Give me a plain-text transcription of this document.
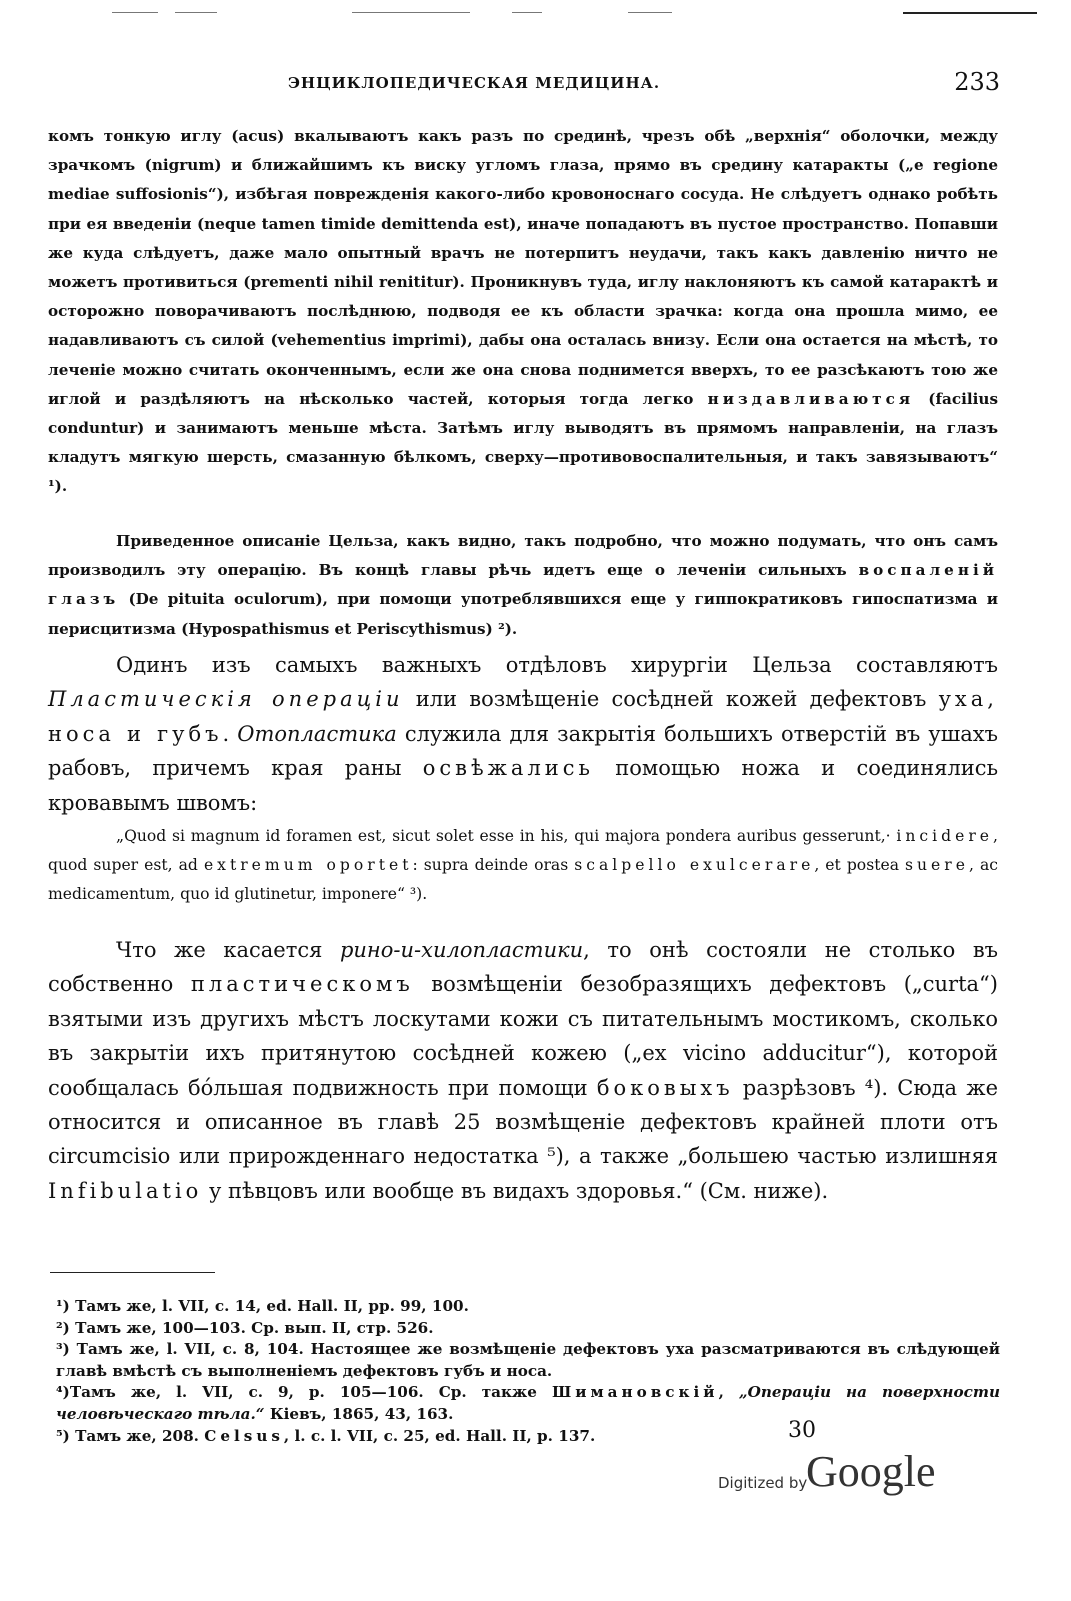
ЭНЦИКЛОПЕДИЧЕСКАЯ МЕДИЦИНА.	233

комъ тонкую иглу (acus) вкалываютъ какъ разъ по срединѣ, чрезъ обѣ „верхнія“ оболочки, между зрачкомъ (nigrum) и ближайшимъ къ виску угломъ глаза, прямо въ средину катаракты („e regione mediae suffosionis“), избѣгая поврежденія какого-либо кровоноснаго сосуда. Не слѣдуетъ однако робѣть при ея введеніи (neque tamen timide demittenda est), иначе попадаютъ въ пустое пространство. Попавши же куда слѣдуетъ, даже мало опытный врачъ не потерпитъ неудачи, такъ какъ давленію ничто не можетъ противиться (prementi nihil renititur). Проникнувъ туда, иглу наклоняютъ къ самой катарактѣ и осторожно поворачиваютъ послѣднюю, подводя ее къ области зрачка: когда она прошла мимо, ее надавливаютъ съ силой (vehementius imprimi), дабы она осталась внизу. Если она остается на мѣстѣ, то леченіе можно считать оконченнымъ, если же она снова поднимется вверхъ, то ее разсѣкаютъ тою же иглой и раздѣляютъ на нѣсколько частей, которыя тогда легко низдавливаются (facilius conduntur) и занимаютъ меньше мѣста. Затѣмъ иглу выводятъ въ прямомъ направленіи, на глазъ кладутъ мягкую шерсть, смазанную бѣлкомъ, сверху—противовоспалительныя, и такъ завязываютъ“ ¹).

Приведенное описаніе Цельза, какъ видно, такъ подробно, что можно подумать, что онъ самъ производилъ эту операцію. Въ концѣ главы рѣчь идетъ еще о леченіи сильныхъ воспаленій глазъ (De pituita oculorum), при помощи употреблявшихся еще у гиппократиковъ гипоспатизма и перисцитизма (Hyposрathismus et Periscythismus) ²).

Одинъ изъ самыхъ важныхъ отдѣловъ хирургіи Цельза составляютъ Пластическія операціи или возмѣщеніе сосѣдней кожей дефектовъ уха, носа и губъ. Отопластика служила для закрытія большихъ отверстій въ ушахъ рабовъ, причемъ края раны освѣжались помощью ножа и соединялись кровавымъ швомъ:

„Quod si magnum id foramen est, sicut solet esse in his, qui majora pondera auribus gesserunt,· incidere, quod super est, ad extremum oportet: supra deinde oras scalpello exulcerare, et postea suere, ac medicamentum, quo id glutinetur, imponere“ ³).

Что же касается рино-и-хилопластики, то онѣ состояли не столько въ собственно пластическомъ возмѣщеніи безобразящихъ дефектовъ („curta“) взятыми изъ другихъ мѣстъ лоскутами кожи съ питательнымъ мостикомъ, сколько въ закрытіи ихъ притянутою сосѣдней кожею („ex vicino adducitur“), которой сообщалась бо́льшая подвижность при помощи боковыхъ разрѣзовъ ⁴). Сюда же относится и описанное въ главѣ 25 возмѣщеніе дефектовъ крайней плоти отъ circumcisio или прирожденнаго недостатка ⁵), а также „большею частью излишняя Infibulatio у пѣвцовъ или вообще въ видахъ здоровья.“ (См. ниже).

¹) Тамъ же, l. VII, c. 14, ed. Hall. II, pp. 99, 100.

²) Тамъ же, 100—103. Ср. вып. II, стр. 526.

³) Тамъ же, l. VII, c. 8, 104. Настоящее же возмѣщеніе дефектовъ уха разсматриваются въ слѣдующей главѣ вмѣстѣ съ выполненіемъ дефектовъ губъ и носа.

⁴)Тамъ же, l. VII, c. 9, p. 105—106. Ср. также Шимановскій, „Операціи на поверхности человѣческаго тѣла.“ Кіевъ, 1865, 43, 163.

⁵) Тамъ же, 208. Celsus, l. c. l. VII, c. 25, ed. Hall. II, p. 137.	30
Digitized by
Google
